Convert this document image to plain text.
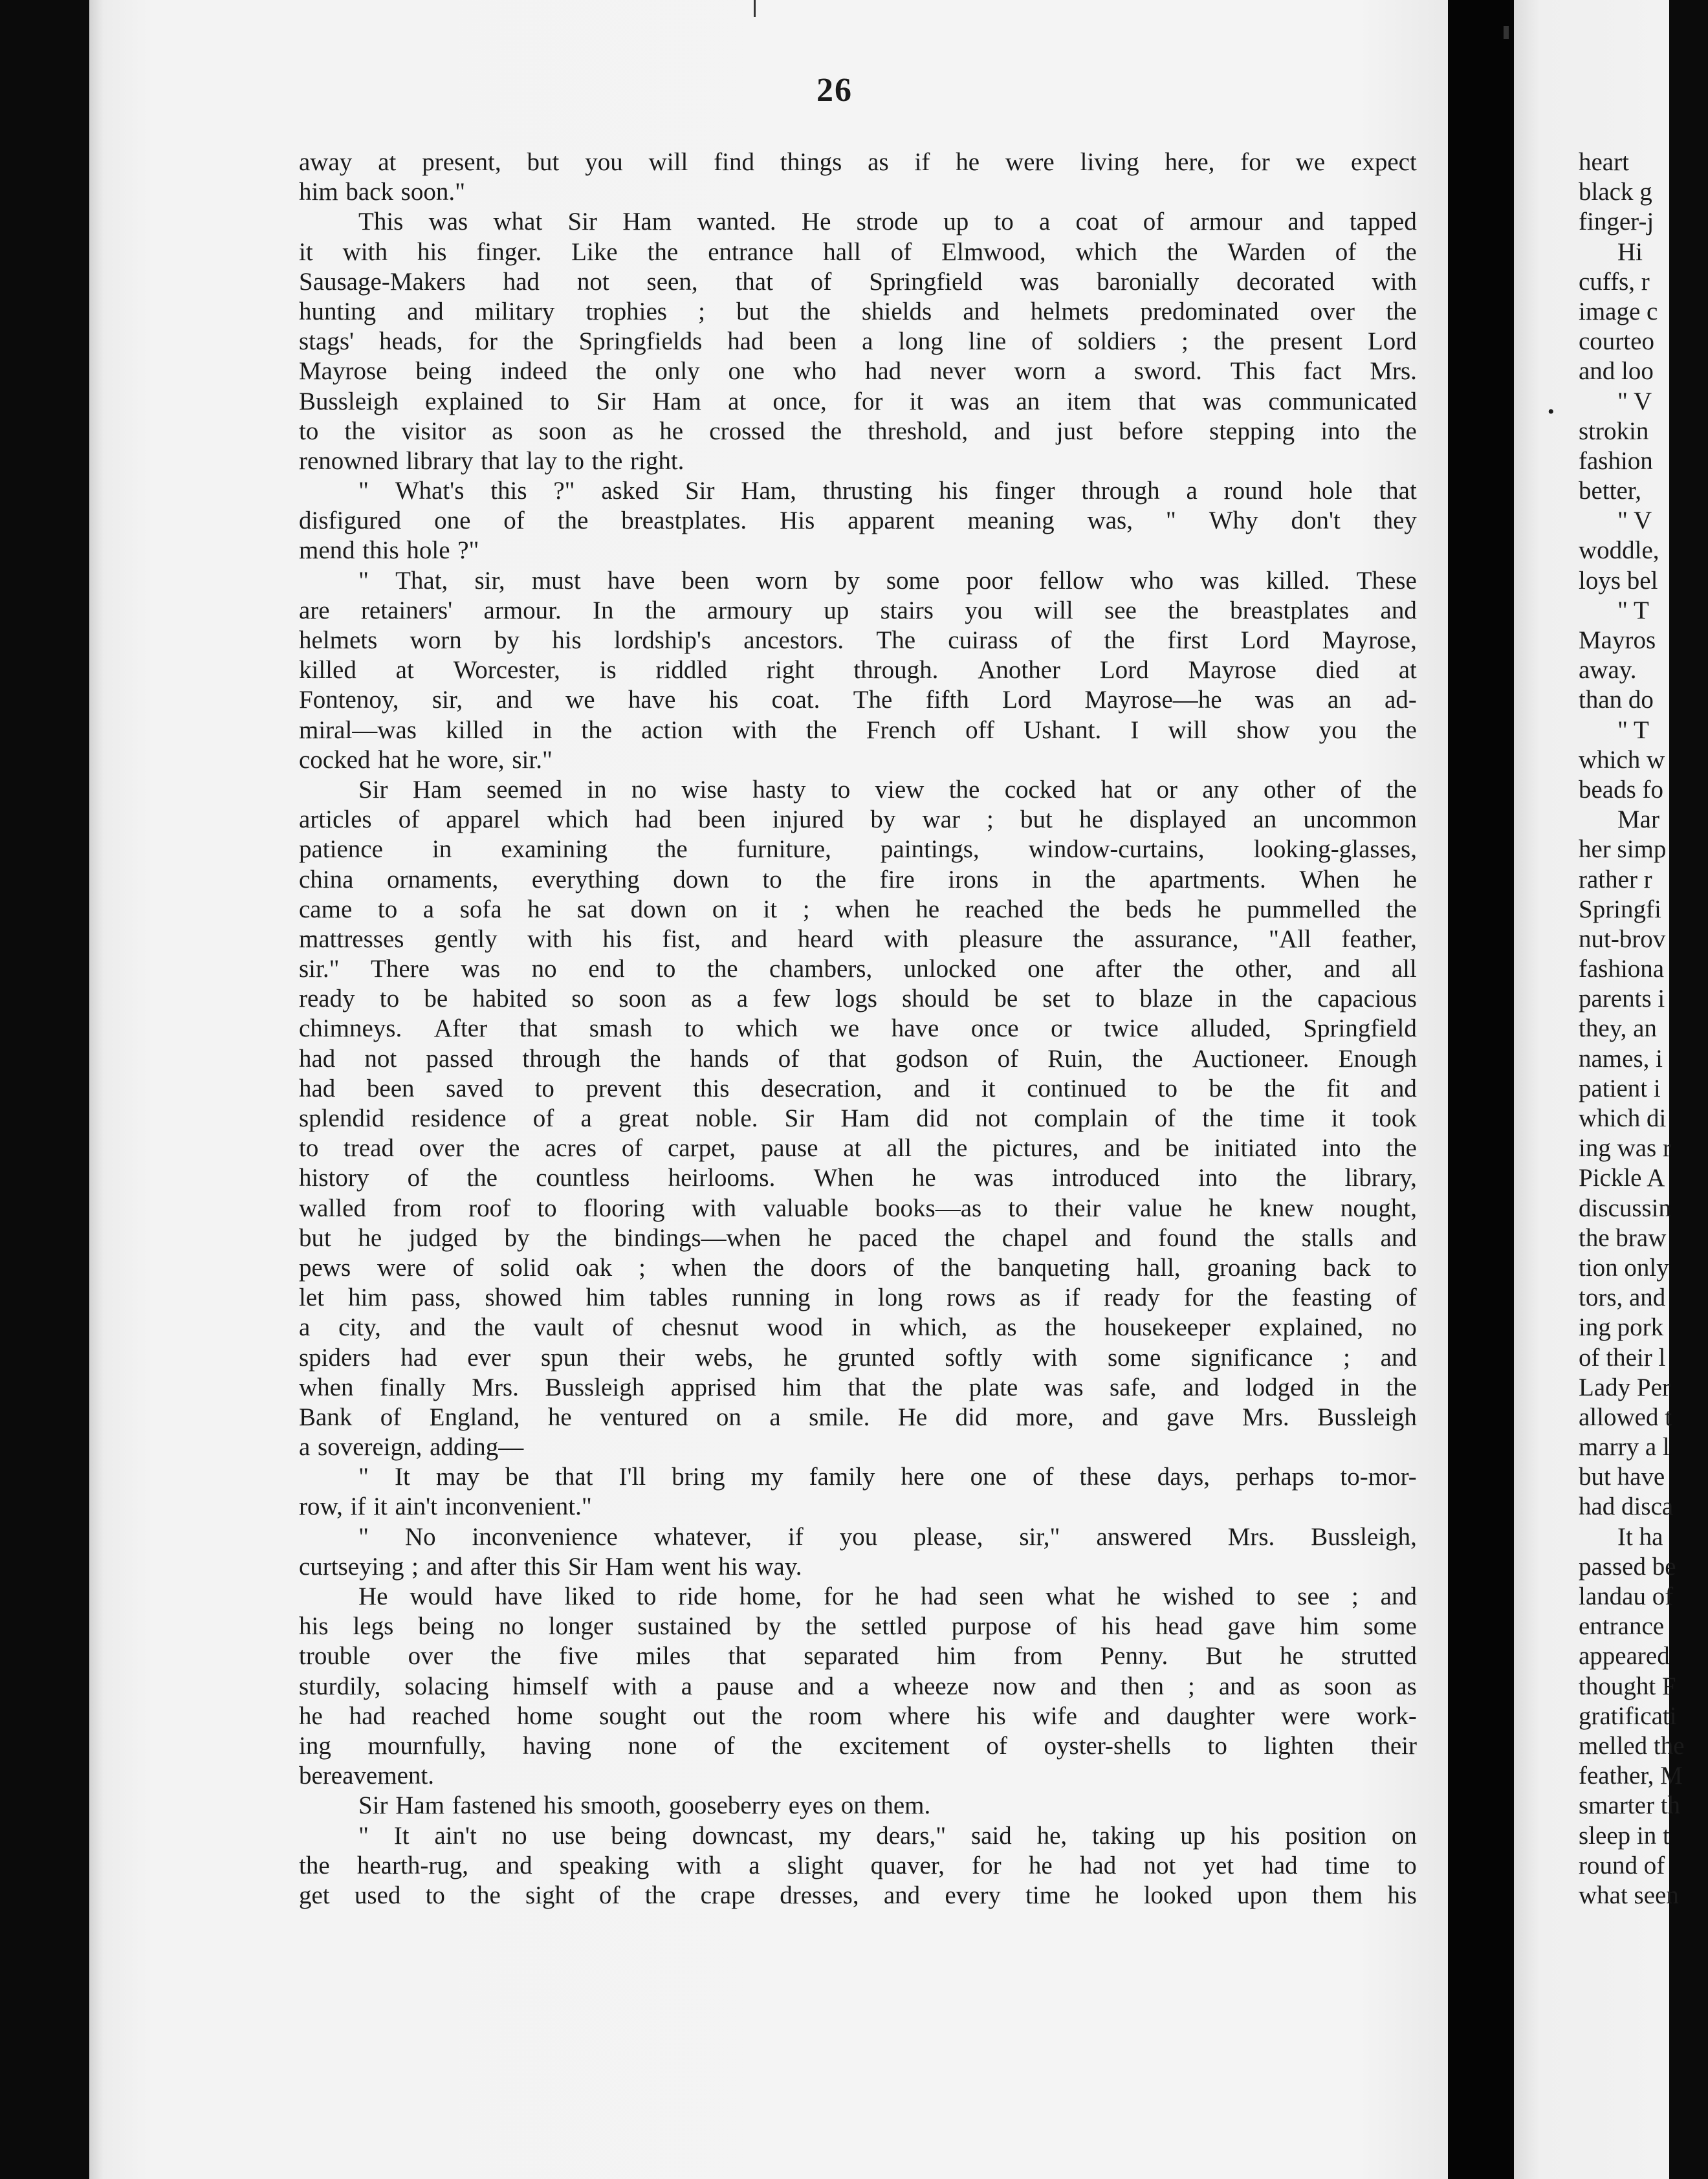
26
away at present, but you will find things as if he were living here, for we expect
him back soon."
This was what Sir Ham wanted. He strode up to a coat of armour and tapped
it with his finger. Like the entrance hall of Elmwood, which the Warden of the
Sausage-Makers had not seen, that of Springfield was baronially decorated with
hunting and military trophies ; but the shields and helmets predominated over the
stags' heads, for the Springfields had been a long line of soldiers ; the present Lord
Mayrose being indeed the only one who had never worn a sword. This fact Mrs.
Bussleigh explained to Sir Ham at once, for it was an item that was communicated
to the visitor as soon as he crossed the threshold, and just before stepping into the
renowned library that lay to the right.
" What's this ?" asked Sir Ham, thrusting his finger through a round hole that
disfigured one of the breastplates. His apparent meaning was, " Why don't they
mend this hole ?"
" That, sir, must have been worn by some poor fellow who was killed. These
are retainers' armour. In the armoury up stairs you will see the breastplates and
helmets worn by his lordship's ancestors. The cuirass of the first Lord Mayrose,
killed at Worcester, is riddled right through. Another Lord Mayrose died at
Fontenoy, sir, and we have his coat. The fifth Lord Mayrose—he was an ad-
miral—was killed in the action with the French off Ushant. I will show you the
cocked hat he wore, sir."
Sir Ham seemed in no wise hasty to view the cocked hat or any other of the
articles of apparel which had been injured by war ; but he displayed an uncommon
patience in examining the furniture, paintings, window-curtains, looking-glasses,
china ornaments, everything down to the fire irons in the apartments. When he
came to a sofa he sat down on it ; when he reached the beds he pummelled the
mattresses gently with his fist, and heard with pleasure the assurance, "All feather,
sir." There was no end to the chambers, unlocked one after the other, and all
ready to be habited so soon as a few logs should be set to blaze in the capacious
chimneys. After that smash to which we have once or twice alluded, Springfield
had not passed through the hands of that godson of Ruin, the Auctioneer. Enough
had been saved to prevent this desecration, and it continued to be the fit and
splendid residence of a great noble. Sir Ham did not complain of the time it took
to tread over the acres of carpet, pause at all the pictures, and be initiated into the
history of the countless heirlooms. When he was introduced into the library,
walled from roof to flooring with valuable books—as to their value he knew nought,
but he judged by the bindings—when he paced the chapel and found the stalls and
pews were of solid oak ; when the doors of the banqueting hall, groaning back to
let him pass, showed him tables running in long rows as if ready for the feasting of
a city, and the vault of chesnut wood in which, as the housekeeper explained, no
spiders had ever spun their webs, he grunted softly with some significance ; and
when finally Mrs. Bussleigh apprised him that the plate was safe, and lodged in the
Bank of England, he ventured on a smile. He did more, and gave Mrs. Bussleigh
a sovereign, adding—
" It may be that I'll bring my family here one of these days, perhaps to-mor-
row, if it ain't inconvenient."
" No inconvenience whatever, if you please, sir," answered Mrs. Bussleigh,
curtseying ; and after this Sir Ham went his way.
He would have liked to ride home, for he had seen what he wished to see ; and
his legs being no longer sustained by the settled purpose of his head gave him some
trouble over the five miles that separated him from Penny. But he strutted
sturdily, solacing himself with a pause and a wheeze now and then ; and as soon as
he had reached home sought out the room where his wife and daughter were work-
ing mournfully, having none of the excitement of oyster-shells to lighten their
bereavement.
Sir Ham fastened his smooth, gooseberry eyes on them.
" It ain't no use being downcast, my dears," said he, taking up his position on
the hearth-rug, and speaking with a slight quaver, for he had not yet had time to
get used to the sight of the crape dresses, and every time he looked upon them his
heart
black g
finger-j
Hi
cuffs, r
image c
courteo
and loo
" V
strokin
fashion
better,
" V
woddle,
loys bel
" T
Mayros
away.
than do
" T
which w
beads fo
Mar
her simp
rather r
Springfi
nut-brov
fashiona
parents i
they, an
names, i
patient i
which di
ing was r
Pickle A
discussin
the braw
tion only
tors, and
ing pork
of their l
Lady Per
allowed t
marry a l
but have
had disca
It ha
passed be
landau of
entrance
appeared
thought F
gratificati
melled the
feather, M
smarter th
sleep in t
round of
what seen
•
